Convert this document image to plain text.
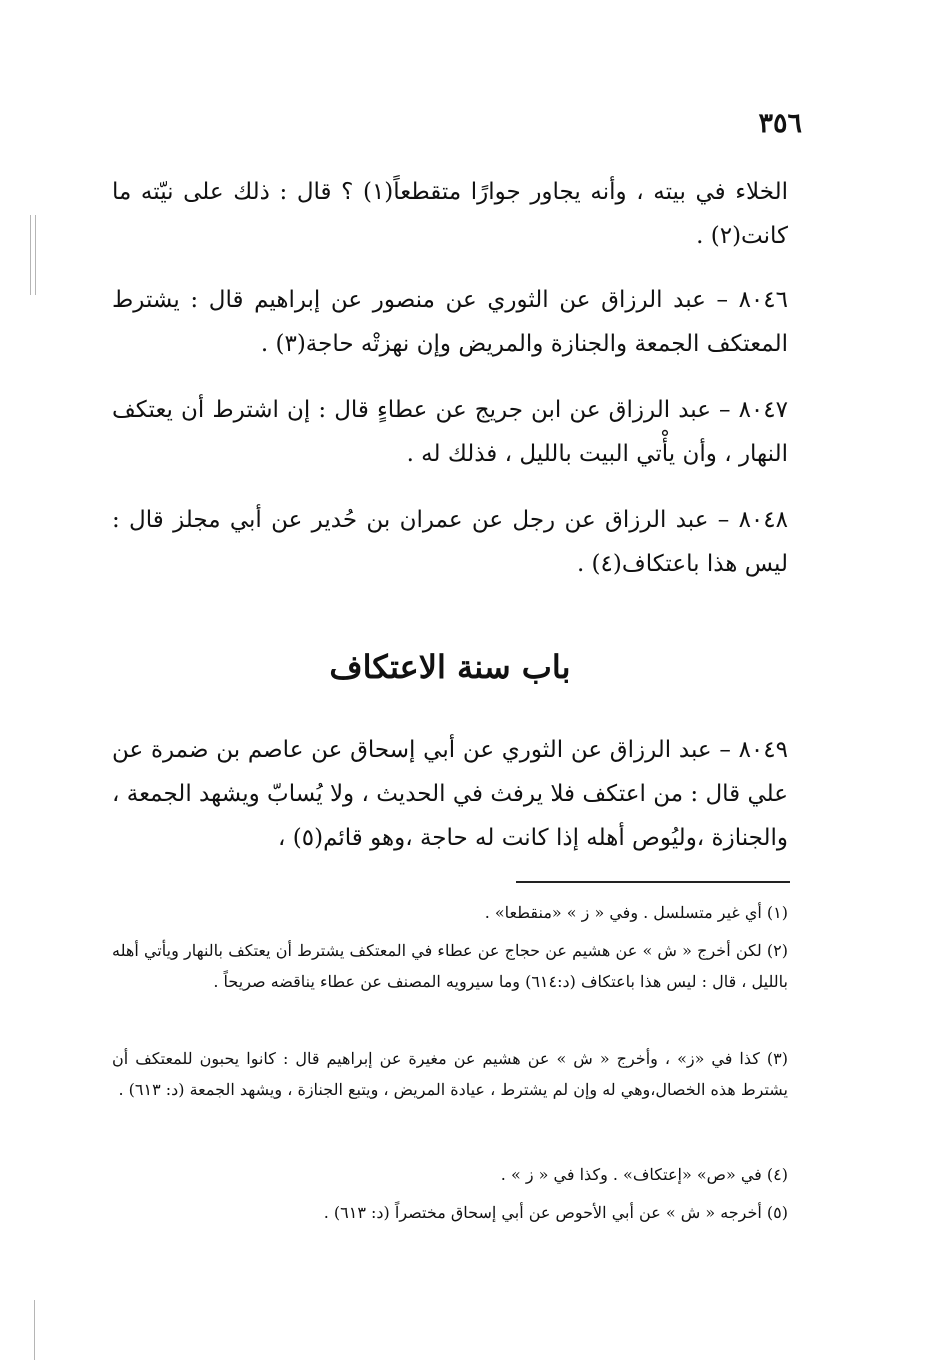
٣٥٦
الخلاء في بيته ، وأنه يجاور جوارًا متقطعاً(١) ؟ قال : ذلك على نيّته ما كانت(٢) .
٨٠٤٦ – عبد الرزاق عن الثوري عن منصور عن إبراهيم قال : يشترط المعتكف الجمعة والجنازة والمريض وإن نهزتْه حاجة(٣) .
٨٠٤٧ – عبد الرزاق عن ابن جريج عن عطاءٍ قال : إن اشترط أن يعتكف النهار ، وأن يأْتي البيت بالليل ، فذلك له .
٨٠٤٨ – عبد الرزاق عن رجل عن عمران بن حُدير عن أبي مجلز قال : ليس هذا باعتكاف(٤) .
باب سنة الاعتكاف
٨٠٤٩ – عبد الرزاق عن الثوري عن أبي إسحاق عن عاصم بن ضمرة عن علي قال : من اعتكف فلا يرفث في الحديث ، ولا يُسابّ ويشهد الجمعة ، والجنازة ،وليُوص أهله إذا كانت له حاجة ،وهو قائم(٥) ،
(١) أي غير متسلسل . وفي « ز » «منقطعا» .
(٢) لكن أخرج « ش » عن هشيم عن حجاج عن عطاء في المعتكف يشترط أن يعتكف بالنهار ويأتي أهله بالليل ، قال : ليس هذا باعتكاف (د:٦١٤) وما سيرويه المصنف عن عطاء يناقضه صريحاً .
(٣) كذا في «ز» ، وأخرج « ش » عن هشيم عن مغيرة عن إبراهيم قال : كانوا يحبون للمعتكف أن يشترط هذه الخصال،وهي له وإن لم يشترط ، عيادة المريض ، ويتبع الجنازة ، ويشهد الجمعة (د: ٦١٣) .
(٤) في «ص» «إعتكاف» . وكذا في « ز » .
(٥) أخرجه « ش » عن أبي الأحوص عن أبي إسحاق مختصراً (د: ٦١٣) .
